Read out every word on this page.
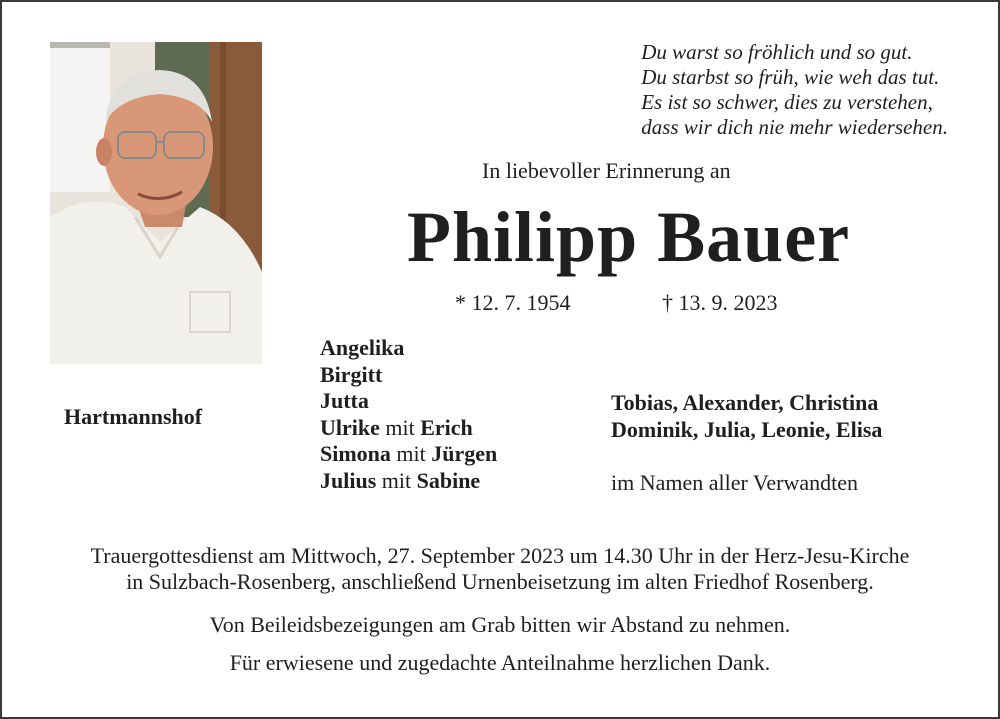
Du warst so fröhlich und so gut.
Du starbst so früh, wie weh das tut.
Es ist so schwer, dies zu verstehen,
dass wir dich nie mehr wiedersehen.
In liebevoller Erinnerung an
Philipp Bauer
* 12. 7. 1954	† 13. 9. 2023
Hartmannshof
Angelika
Birgitt
Jutta
Ulrike mit Erich
Simona mit Jürgen
Julius mit Sabine
Tobias, Alexander, Christina
Dominik, Julia, Leonie, Elisa
im Namen aller Verwandten
Trauergottesdienst am Mittwoch, 27. September 2023 um 14.30 Uhr in der Herz-Jesu-Kirche
in Sulzbach-Rosenberg, anschließend Urnenbeisetzung im alten Friedhof Rosenberg.
Von Beileidsbezeigungen am Grab bitten wir Abstand zu nehmen.
Für erwiesene und zugedachte Anteilnahme herzlichen Dank.
